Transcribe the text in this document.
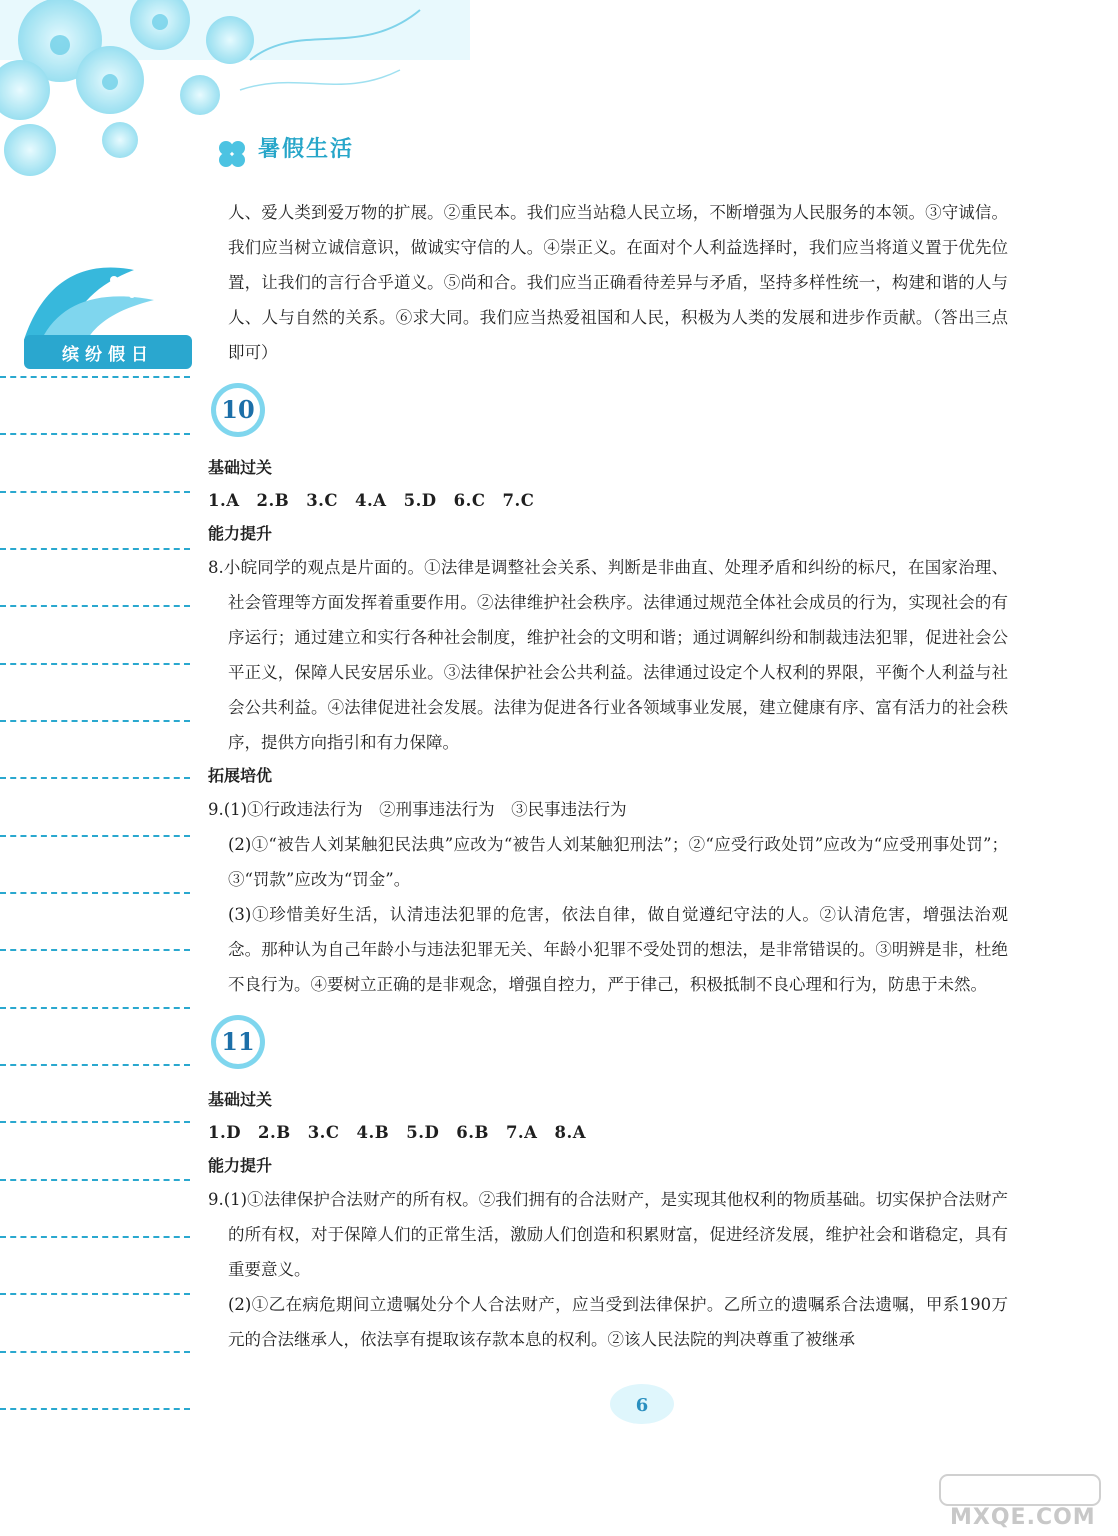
暑假生活
缤纷假日

人、爱人类到爱万物的扩展。②重民本。我们应当站稳人民立场，不断增强为人民服务的本领。③守诚信。我们应当树立诚信意识，做诚实守信的人。④崇正义。在面对个人利益选择时，我们应当将道义置于优先位置，让我们的言行合乎道义。⑤尚和合。我们应当正确看待差异与矛盾，坚持多样性统一，构建和谐的人与人、人与自然的关系。⑥求大同。我们应当热爱祖国和人民，积极为人类的发展和进步作贡献。（答出三点即可）

10

基础过关

1.A　2.B　3.C　4.A　5.D　6.C　7.C

能力提升

8.小皖同学的观点是片面的。①法律是调整社会关系、判断是非曲直、处理矛盾和纠纷的标尺，在国家治理、社会管理等方面发挥着重要作用。②法律维护社会秩序。法律通过规范全体社会成员的行为，实现社会的有序运行；通过建立和实行各种社会制度，维护社会的文明和谐；通过调解纠纷和制裁违法犯罪，促进社会公平正义，保障人民安居乐业。③法律保护社会公共利益。法律通过设定个人权利的界限，平衡个人利益与社会公共利益。④法律促进社会发展。法律为促进各行业各领域事业发展，建立健康有序、富有活力的社会秩序，提供方向指引和有力保障。

拓展培优

9.(1)①行政违法行为　②刑事违法行为　③民事违法行为

(2)①“被告人刘某触犯民法典”应改为“被告人刘某触犯刑法”；②“应受行政处罚”应改为“应受刑事处罚”；③“罚款”应改为“罚金”。

(3)①珍惜美好生活，认清违法犯罪的危害，依法自律，做自觉遵纪守法的人。②认清危害，增强法治观念。那种认为自己年龄小与违法犯罪无关、年龄小犯罪不受处罚的想法，是非常错误的。③明辨是非，杜绝不良行为。④要树立正确的是非观念，增强自控力，严于律己，积极抵制不良心理和行为，防患于未然。

11

基础过关

1.D　2.B　3.C　4.B　5.D　6.B　7.A　8.A

能力提升

9.(1)①法律保护合法财产的所有权。②我们拥有的合法财产，是实现其他权利的物质基础。切实保护合法财产的所有权，对于保障人们的正常生活，激励人们创造和积累财富，促进经济发展，维护社会和谐稳定，具有重要意义。

(2)①乙在病危期间立遗嘱处分个人合法财产，应当受到法律保护。乙所立的遗嘱系合法遗嘱，甲系190万元的合法继承人，依法享有提取该存款本息的权利。②该人民法院的判决尊重了被继承

6
MXQE.COM
